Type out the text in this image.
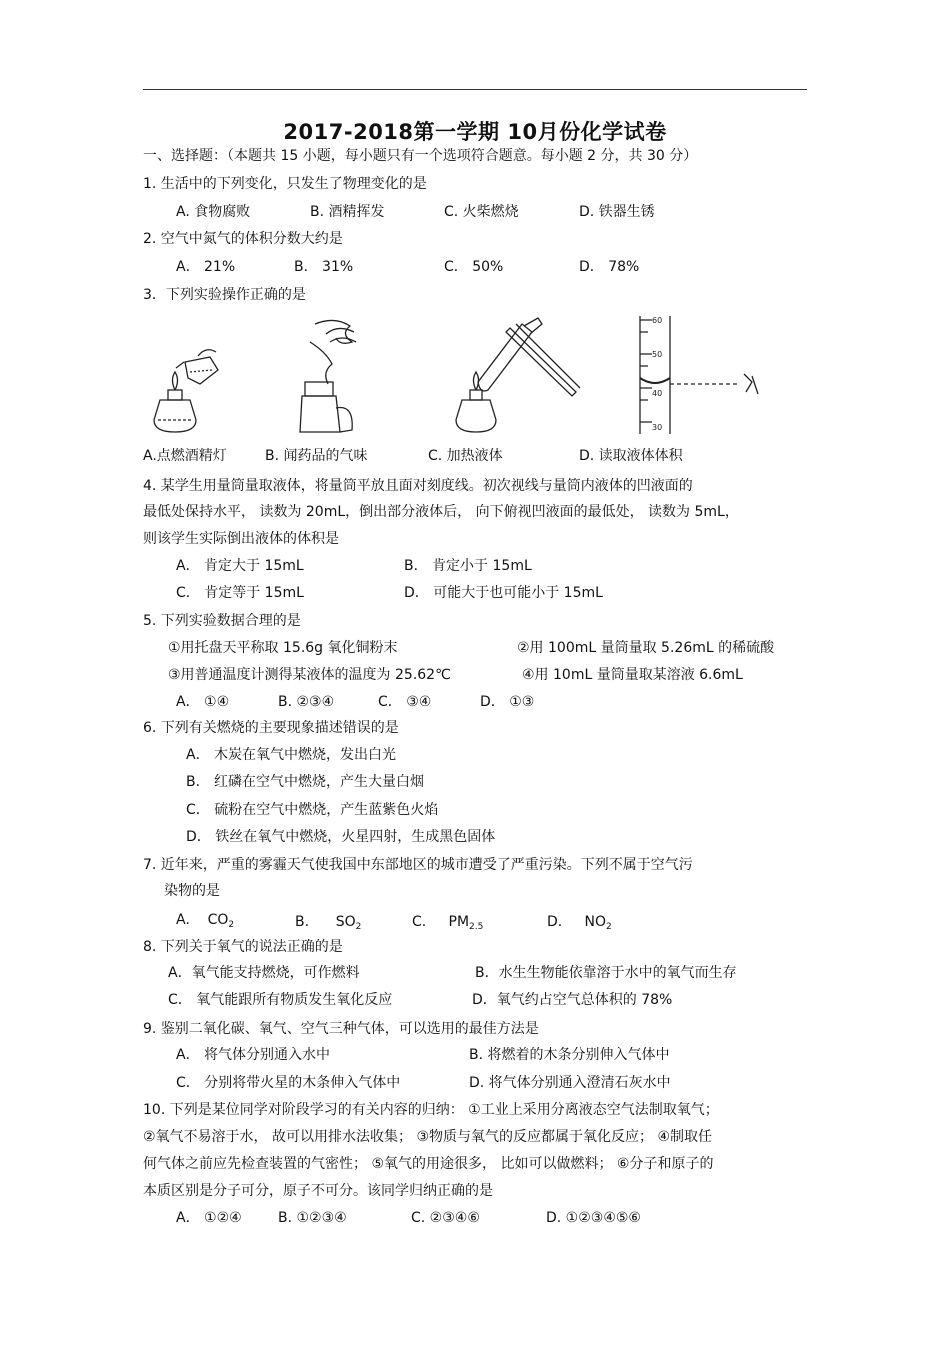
2017-2018第一学期 10月份化学试卷
一、选择题：（本题共 15 小题，每小题只有一个选项符合题意。每小题 2 分，共 30 分）
1. 生活中的下列变化，只发生了物理变化的是
A. 食物腐败	B. 酒精挥发	C. 火柴燃烧	D. 铁器生锈
2. 空气中氮气的体积分数大约是
A． 21%	B． 31%	C． 50%	D． 78%
3．下列实验操作正确的是
60
50
40
30
A.点燃酒精灯	B. 闻药品的气味	C. 加热液体	D. 读取液体体积
4. 某学生用量筒量取液体，将量筒平放且面对刻度线。初次视线与量筒内液体的凹液面的
最低处保持水平， 读数为 20mL，倒出部分液体后， 向下俯视凹液面的最低处， 读数为 5mL，
则该学生实际倒出液体的体积是
A． 肯定大于 15mL	B． 肯定小于 15mL
C． 肯定等于 15mL	D． 可能大于也可能小于 15mL
5. 下列实验数据合理的是
①用托盘天平称取 15.6g 氧化铜粉末	②用 100mL 量筒量取 5.26mL 的稀硫酸
③用普通温度计测得某液体的温度为 25.62℃	④用 10mL 量筒量取某溶液 6.6mL
A． ①④	B. ②③④	C． ③④	D． ①③
6. 下列有关燃烧的主要现象描述错误的是
A． 木炭在氧气中燃烧，发出白光
B． 红磷在空气中燃烧，产生大量白烟
C． 硫粉在空气中燃烧，产生蓝紫色火焰
D． 铁丝在氧气中燃烧，火星四射，生成黑色固体
7. 近年来，严重的雾霾天气使我国中东部地区的城市遭受了严重污染。下列不属于空气污
染物的是
A. $CO_2$	B. $SO_2$	C. $PM_{2.5}$	D. $NO_2$
8. 下列关于氧气的说法正确的是
A．氧气能支持燃烧，可作燃料	B．水生生物能依靠溶于水中的氧气而生存
C． 氧气能跟所有物质发生氧化反应	D．氧气约占空气总体积的 78%
9. 鉴别二氧化碳、氧气、空气三种气体，可以选用的最佳方法是
A． 将气体分别通入水中	B. 将燃着的木条分别伸入气体中
C． 分别将带火星的木条伸入气体中	D. 将气体分别通入澄清石灰水中
10. 下列是某位同学对阶段学习的有关内容的归纳： ①工业上采用分离液态空气法制取氧气；
②氧气不易溶于水， 故可以用排水法收集； ③物质与氧气的反应都属于氧化反应； ④制取任
何气体之前应先检查装置的气密性； ⑤氧气的用途很多， 比如可以做燃料； ⑥分子和原子的
本质区别是分子可分，原子不可分。该同学归纳正确的是
A． ①②④	B. ①②③④	C. ②③④⑥	D. ①②③④⑤⑥
